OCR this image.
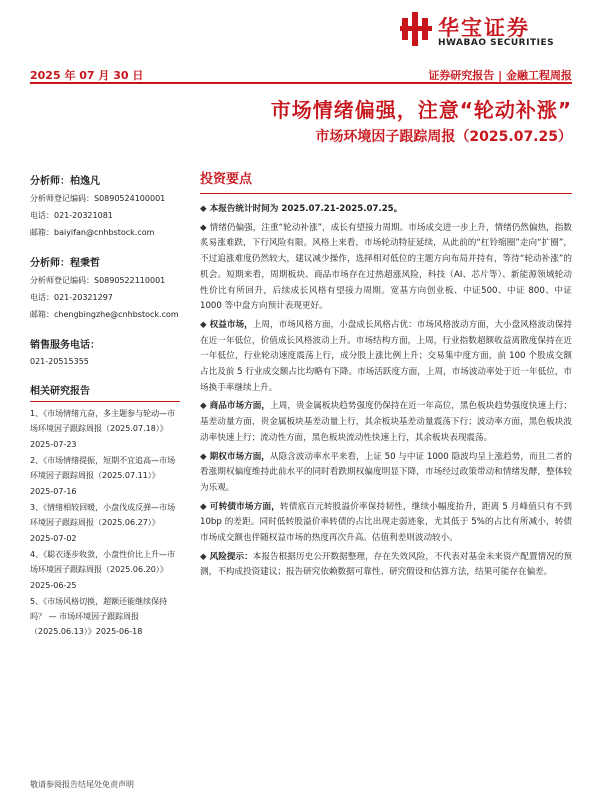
华宝证券
HWABAO SECURITIES
2025 年 07 月 30 日	证券研究报告 | 金融工程周报
市场情绪偏强，注意“轮动补涨”
市场环境因子跟踪周报（2025.07.25）
分析师：柏逸凡
分析师登记编码：S0890524100001
电话：021-20321081
邮箱：baiyifan@cnhbstock.com
分析师：程秉哲
分析师登记编码：S0890522110001
电话：021-20321297
邮箱：chengbingzhe@cnhbstock.com
销售服务电话：
021-20515355
相关研究报告
1、《市场情绪亢奋，多主题参与轮动—市场环境因子跟踪周报（2025.07.18）》
2025-07-23
2、《市场情绪提振，短期不宜追高—市场环境因子跟踪周报（2025.07.11）》
2025-07-16
3、《情绪相较回暖，小盘伐成反弹—市场环境因子跟踪周报（2025.06.27）》
2025-07-02
4、《聪衣逐步收敛，小盘性价比上升—市场环境因子跟踪周报（2025.06.20）》
2025-06-25
5、《市场风格切换，超额还能继续保持吗？ — 市场环境因子跟踪周报（2025.06.13）》2025-06-18
投资要点
◆ 本报告统计时间为 2025.07.21-2025.07.25。
◆ 情绪仍偏强，注重“轮动补涨”，成长有望接力周期。市场成交进一步上升，情绪仍然偏热，指数炙易涨难跌，下行风险有限。风格上来看，市场轮动特征延续，从此前的“杠铃缩圈”走向“扩圈”，不过追涨难度仍然较大，建议减少操作，选择相对低位的主题方向布局并持有，等待“轮动补涨”的机会。短期来看，周期板块、商品市场存在过热超涨风险，科技（AI、芯片等）、新能源领域轮动性价比有所回升，后续成长风格有望接力周期。宽基方向创业板、中证500、中证 800、中证 1000 等中盘方向预计表现更好。
◆ 权益市场，上周，市场风格方面，小盘成长风格占优：市场风格波动方面，大小盘风格波动保持在近一年低位，价值成长风格波动上升。市场结构方面，上周，行业指数超额收益离散度保持在近一年低位，行业轮动速度震荡上行，成分股上涨比例上升；交易集中度方面，前 100 个股成交额占比及前 5 行业成交额占比均略有下降。市场活跃度方面，上周，市场波动率处于近一年低位，市场换手率继续上升。
◆ 商品市场方面，上周，贵金属板块趋势强度仍保持在近一年高位，黑色板块趋势强度快速上行；基差动量方面，贵金属板块基差动量上行，其余板块基差动量震荡下行；波动率方面，黑色板块波动率快速上行；流动性方面，黑色板块流动性快速上行，其余板块表现震荡。
◆ 期权市场方面，从隐含波动率水平来看，上证 50 与中证 1000 隐波均呈上涨趋势，而且二者的看涨期权偏度维持此前水平的同时看跌期权偏度明显下降，市场经过政策带动和情绪发酵，整体较为乐观。
◆ 可转债市场方面，转债底百元转股溢价率保持韧性，继续小幅度抬升，距离 5 月峰值只有不到 10bp 的差距。同时低转股溢价率转债的占比出现走弱迹象，尤其低于 5%的占比有所减小，转债市场成交额也伴随权益市场的热度再次升高。估值利差则波动较小。
◆ 风险提示：本报告根据历史公开数据整理，存在失效风险，不代表对基金未来资产配置情况的预测，不构成投资建议；报告研究依赖数据可靠性、研究假设和估算方法，结果可能存在偏差。
敬请参阅报告结尾处免责声明
